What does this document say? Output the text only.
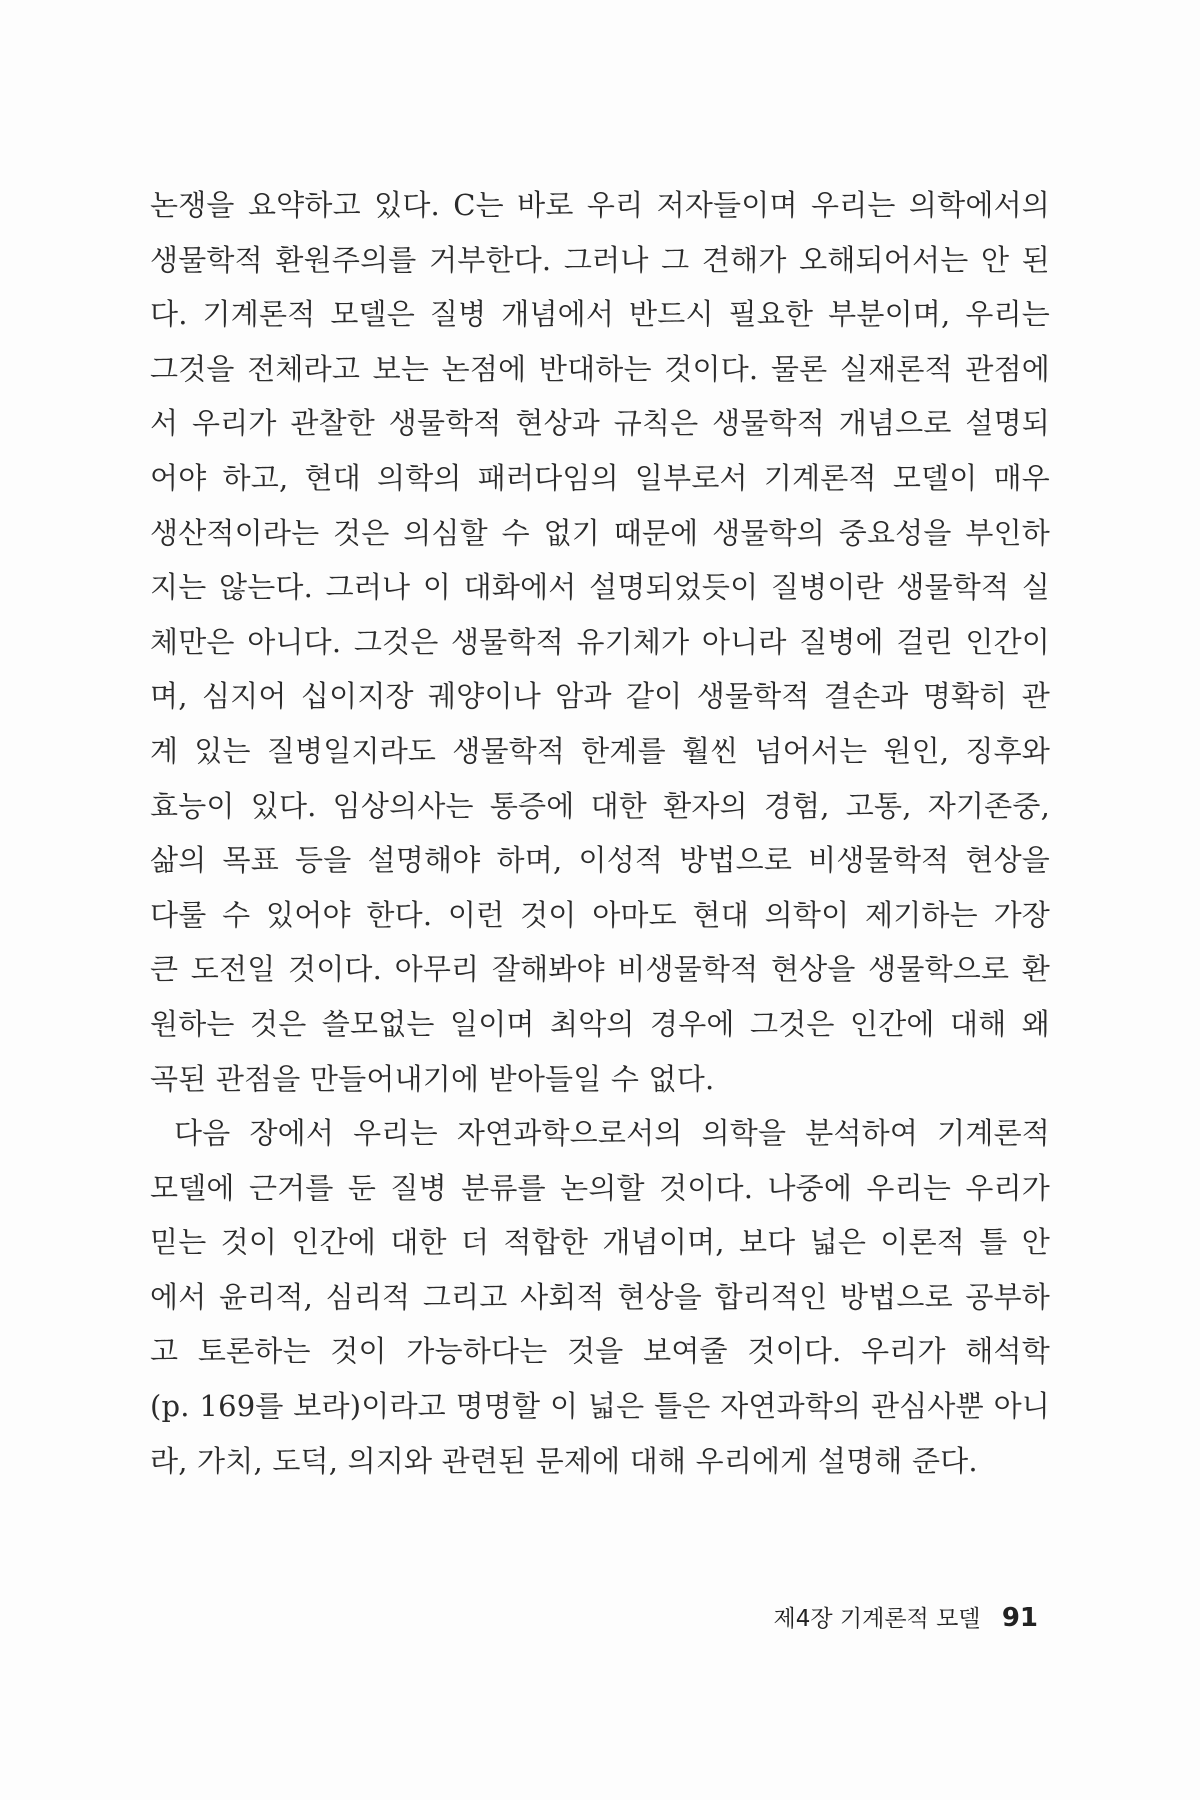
논쟁을 요약하고 있다. C는 바로 우리 저자들이며 우리는 의학에서의
생물학적 환원주의를 거부한다. 그러나 그 견해가 오해되어서는 안 된
다. 기계론적 모델은 질병 개념에서 반드시 필요한 부분이며, 우리는
그것을 전체라고 보는 논점에 반대하는 것이다. 물론 실재론적 관점에
서 우리가 관찰한 생물학적 현상과 규칙은 생물학적 개념으로 설명되
어야 하고, 현대 의학의 패러다임의 일부로서 기계론적 모델이 매우
생산적이라는 것은 의심할 수 없기 때문에 생물학의 중요성을 부인하
지는 않는다. 그러나 이 대화에서 설명되었듯이 질병이란 생물학적 실
체만은 아니다. 그것은 생물학적 유기체가 아니라 질병에 걸린 인간이
며, 심지어 십이지장 궤양이나 암과 같이 생물학적 결손과 명확히 관
계 있는 질병일지라도 생물학적 한계를 훨씬 넘어서는 원인, 징후와
효능이 있다. 임상의사는 통증에 대한 환자의 경험, 고통, 자기존중,
삶의 목표 등을 설명해야 하며, 이성적 방법으로 비생물학적 현상을
다룰 수 있어야 한다. 이런 것이 아마도 현대 의학이 제기하는 가장
큰 도전일 것이다. 아무리 잘해봐야 비생물학적 현상을 생물학으로 환
원하는 것은 쓸모없는 일이며 최악의 경우에 그것은 인간에 대해 왜
곡된 관점을 만들어내기에 받아들일 수 없다.
다음 장에서 우리는 자연과학으로서의 의학을 분석하여 기계론적
모델에 근거를 둔 질병 분류를 논의할 것이다. 나중에 우리는 우리가
믿는 것이 인간에 대한 더 적합한 개념이며, 보다 넓은 이론적 틀 안
에서 윤리적, 심리적 그리고 사회적 현상을 합리적인 방법으로 공부하
고 토론하는 것이 가능하다는 것을 보여줄 것이다. 우리가 해석학
(p. 169를 보라)이라고 명명할 이 넓은 틀은 자연과학의 관심사뿐 아니
라, 가치, 도덕, 의지와 관련된 문제에 대해 우리에게 설명해 준다.
제4장 기계론적 모델 91
